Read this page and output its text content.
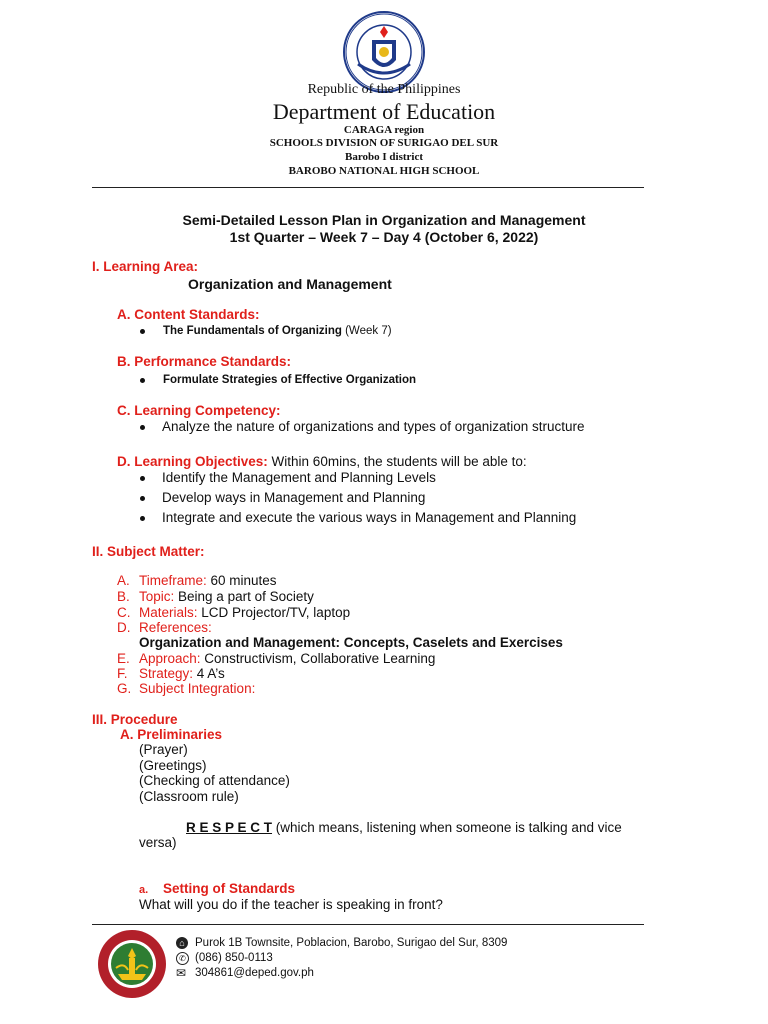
Republic of the Philippines
Department of Education
CARAGA region
SCHOOLS DIVISION OF SURIGAO DEL SUR
Barobo I district
BAROBO NATIONAL HIGH SCHOOL
Semi-Detailed Lesson Plan in Organization and Management
1st Quarter – Week 7 – Day 4 (October 6, 2022)
I. Learning Area:
Organization and Management
A. Content Standards:
The Fundamentals of Organizing (Week 7)
B. Performance Standards:
Formulate Strategies of Effective Organization
C. Learning Competency:
Analyze the nature of organizations and types of organization structure
D. Learning Objectives: Within 60mins, the students will be able to:
Identify the Management and Planning Levels
Develop ways in Management and Planning
Integrate and execute the various ways in Management and Planning
II. Subject Matter:
A. Timeframe: 60 minutes
B. Topic: Being a part of Society
C. Materials: LCD Projector/TV, laptop
D. References:
Organization and Management: Concepts, Caselets and Exercises
E. Approach: Constructivism, Collaborative Learning
F. Strategy: 4 A’s
G. Subject Integration:
III. Procedure
A. Preliminaries
(Prayer)
(Greetings)
(Checking of attendance)
(Classroom rule)
R E S P E C T (which means, listening when someone is talking and vice
versa)
a. Setting of Standards
What will you do if the teacher is speaking in front?
⌂ Purok 1B Townsite, Poblacion, Barobo, Surigao del Sur, 8309
✆ (086) 850-0113
✉ 304861@deped.gov.ph
